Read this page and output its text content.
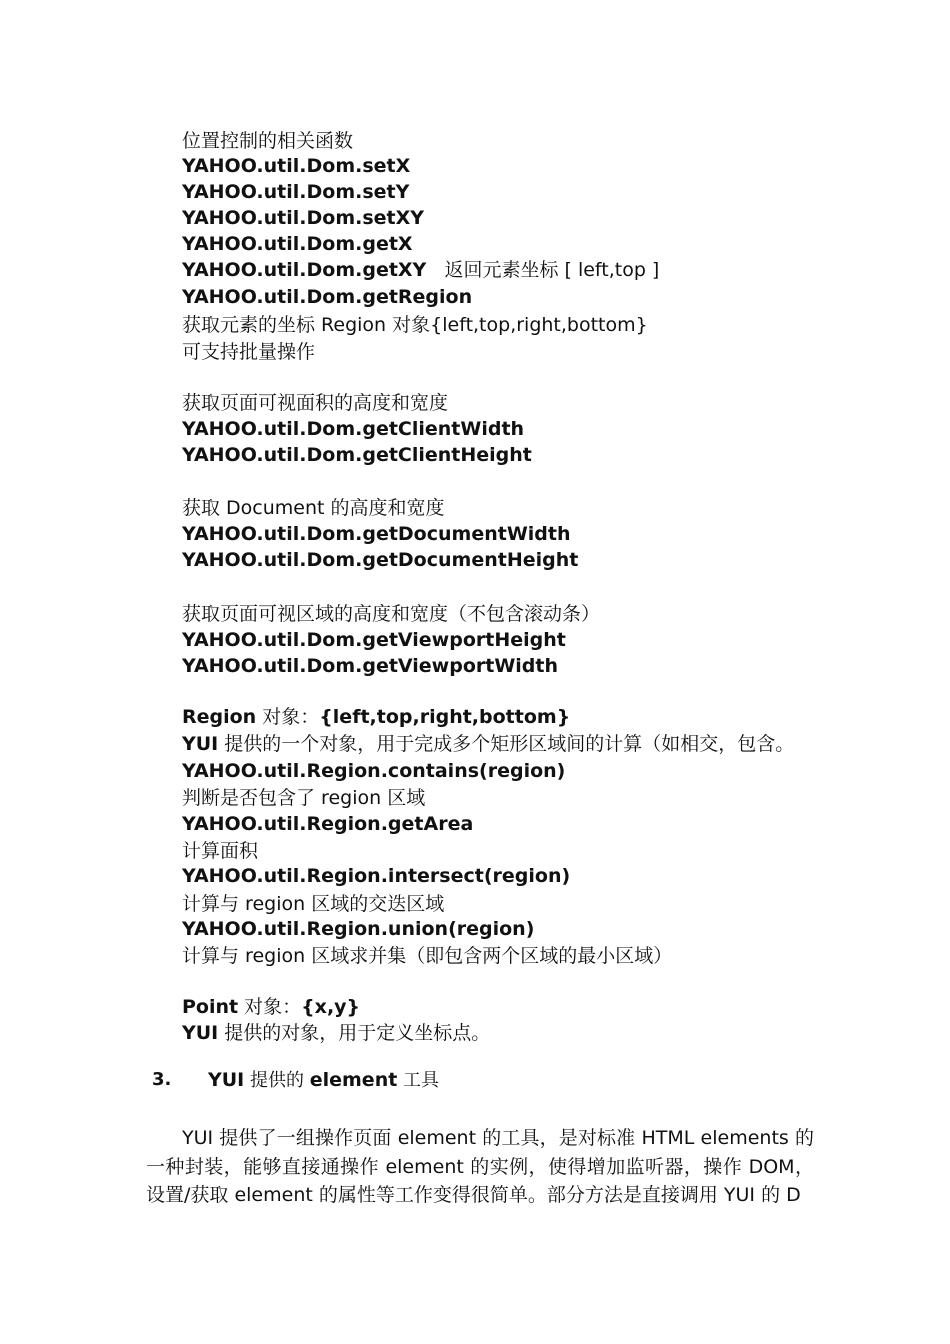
位置控制的相关函数
YAHOO.util.Dom.setX
YAHOO.util.Dom.setY
YAHOO.util.Dom.setXY
YAHOO.util.Dom.getX
YAHOO.util.Dom.getXY   返回元素坐标 [ left,top ]
YAHOO.util.Dom.getRegion
获取元素的坐标 Region 对象{left,top,right,bottom}
可支持批量操作
获取页面可视面积的高度和宽度
YAHOO.util.Dom.getClientWidth
YAHOO.util.Dom.getClientHeight
获取 Document 的高度和宽度
YAHOO.util.Dom.getDocumentWidth
YAHOO.util.Dom.getDocumentHeight
获取页面可视区域的高度和宽度（不包含滚动条）
YAHOO.util.Dom.getViewportHeight
YAHOO.util.Dom.getViewportWidth
Region 对象：{left,top,right,bottom}
YUI 提供的一个对象，用于完成多个矩形区域间的计算（如相交，包含。
YAHOO.util.Region.contains(region)
判断是否包含了 region 区域
YAHOO.util.Region.getArea
计算面积
YAHOO.util.Region.intersect(region)
计算与 region 区域的交迭区域
YAHOO.util.Region.union(region)
计算与 region 区域求并集（即包含两个区域的最小区域）
Point 对象：{x,y}
YUI 提供的对象，用于定义坐标点。
3. YUI 提供的 element 工具

YUI 提供了一组操作页面 element 的工具，是对标准 HTML elements 的一种封装，能够直接通操作 element 的实例，使得增加监听器，操作 DOM，设置/获取 element 的属性等工作变得很简单。部分方法是直接调用 YUI 的 D
